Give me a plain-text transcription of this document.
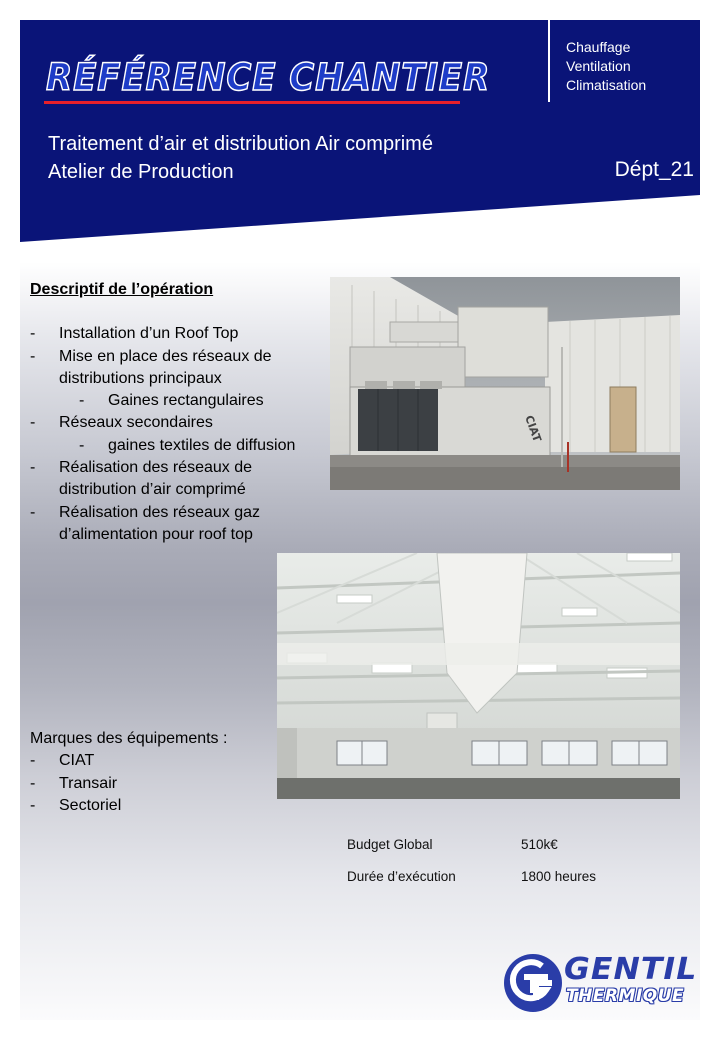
RÉFÉRENCE CHANTIER
Chauffage
Ventilation
Climatisation
Traitement d’air et distribution Air comprimé
Atelier de Production	Dépt_21
Descriptif de l’opération
- Installation d’un Roof Top
- Mise en place des réseaux de
distributions principaux
- Gaines rectangulaires
- Réseaux secondaires
- gaines textiles de diffusion
- Réalisation des réseaux de
distribution d’air comprimé
- Réalisation des réseaux gaz
d’alimentation pour roof top
CIAT
Marques des équipements :
- CIAT
- Transair
- Sectoriel
Budget Global	510k€
Durée d’exécution	1800 heures
GENTIL
THERMIQUE
